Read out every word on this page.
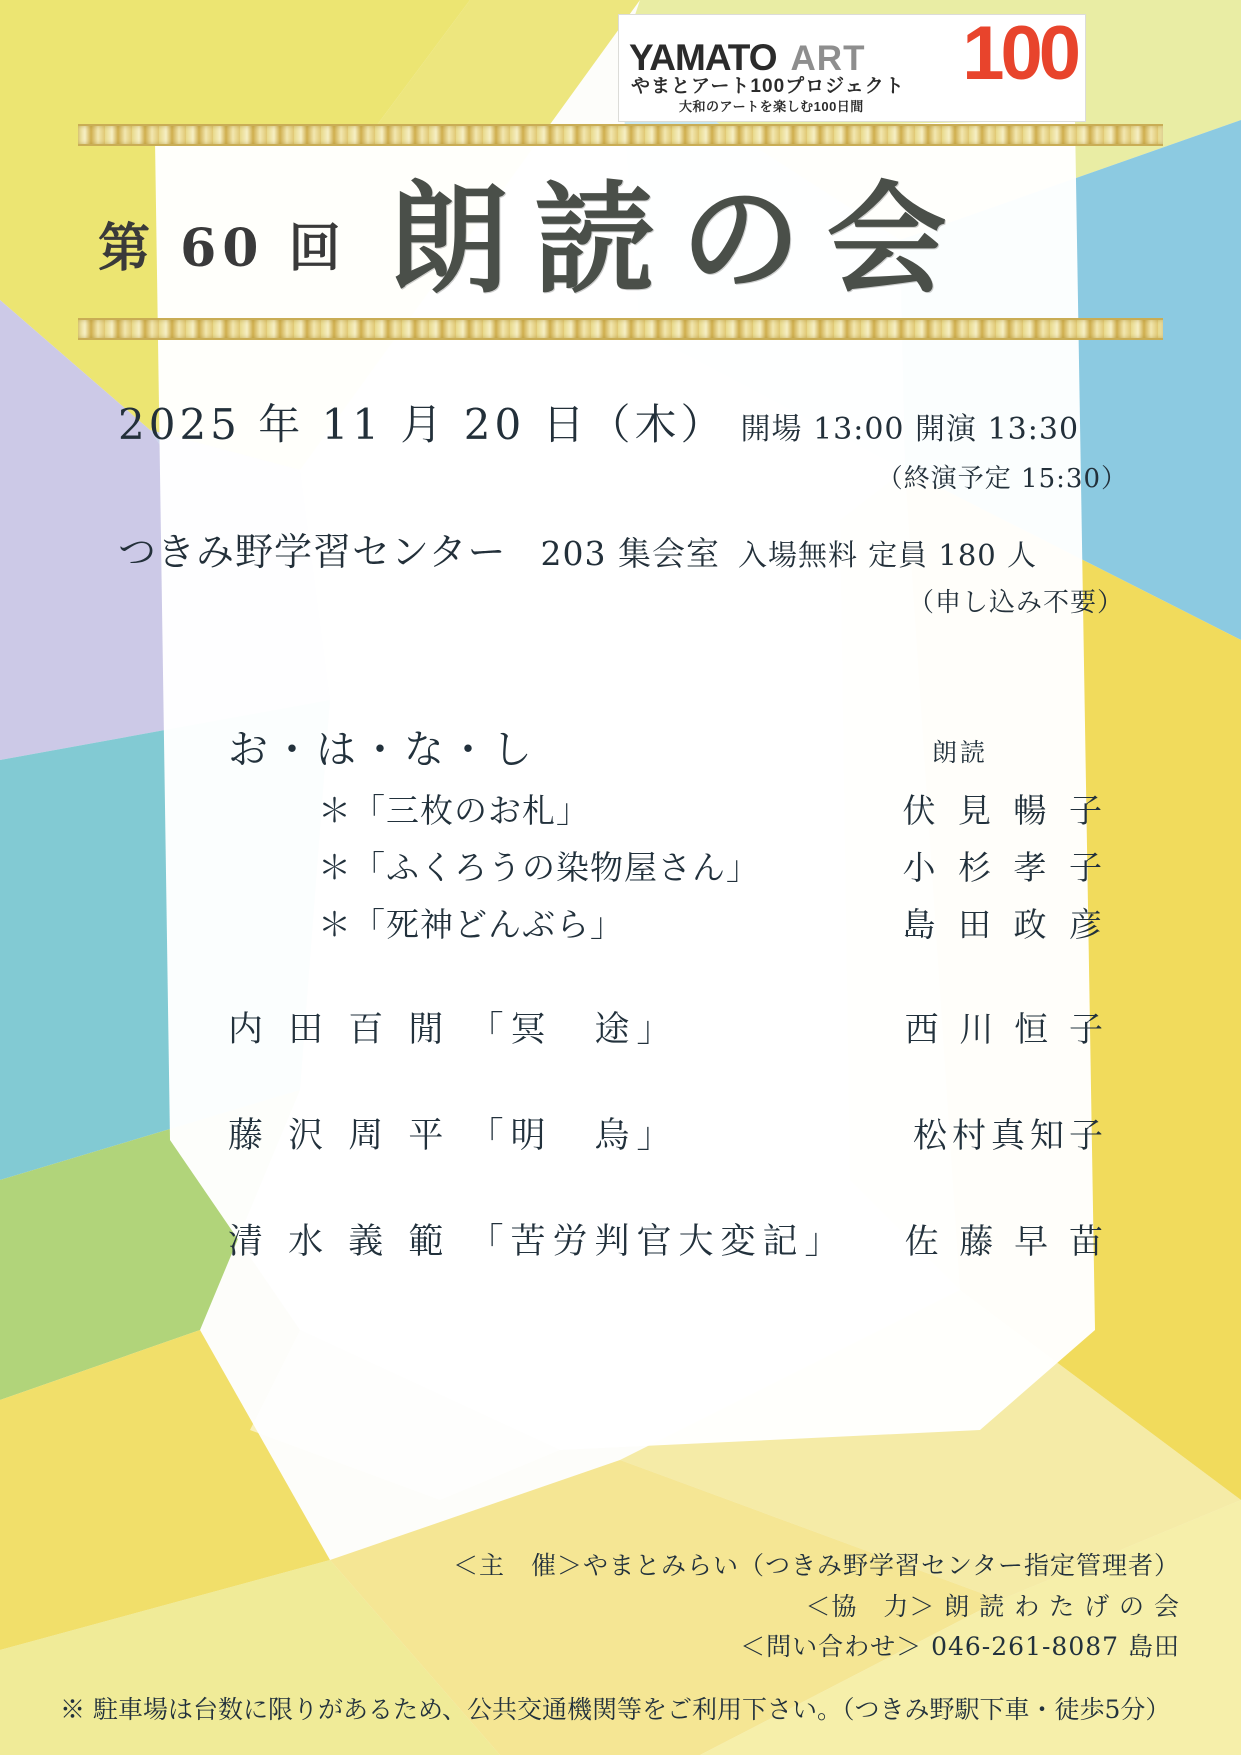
YAMATO ART 100
やまとアート100プロジェクト
大和のアートを楽しむ100日間
第 60 回 朗読の会
2025 年 11 月 20 日（木） 開場 13:00 開演 13:30
（終演予定 15:30）
つきみ野学習センター 203 集会室 入場無料 定員 180 人
（申し込み不要）
お・は・な・し	朗読
＊「三枚のお札」	伏 見 暢 子
＊「ふくろうの染物屋さん」	小 杉 孝 子
＊「死神どんぶら」	島 田 政 彦
内 田 百 閒 「冥　途」	西 川 恒 子
藤 沢 周 平 「明　烏」	松村真知子
清 水 義 範 「苦労判官大変記」	佐 藤 早 苗
＜主　催＞やまとみらい（つきみ野学習センター指定管理者）
＜協　力＞ 朗 読 わ た げ の 会
＜問い合わせ＞ 046-261-8087 島田
※ 駐車場は台数に限りがあるため、公共交通機関等をご利用下さい。（つきみ野駅下車・徒歩5分）
